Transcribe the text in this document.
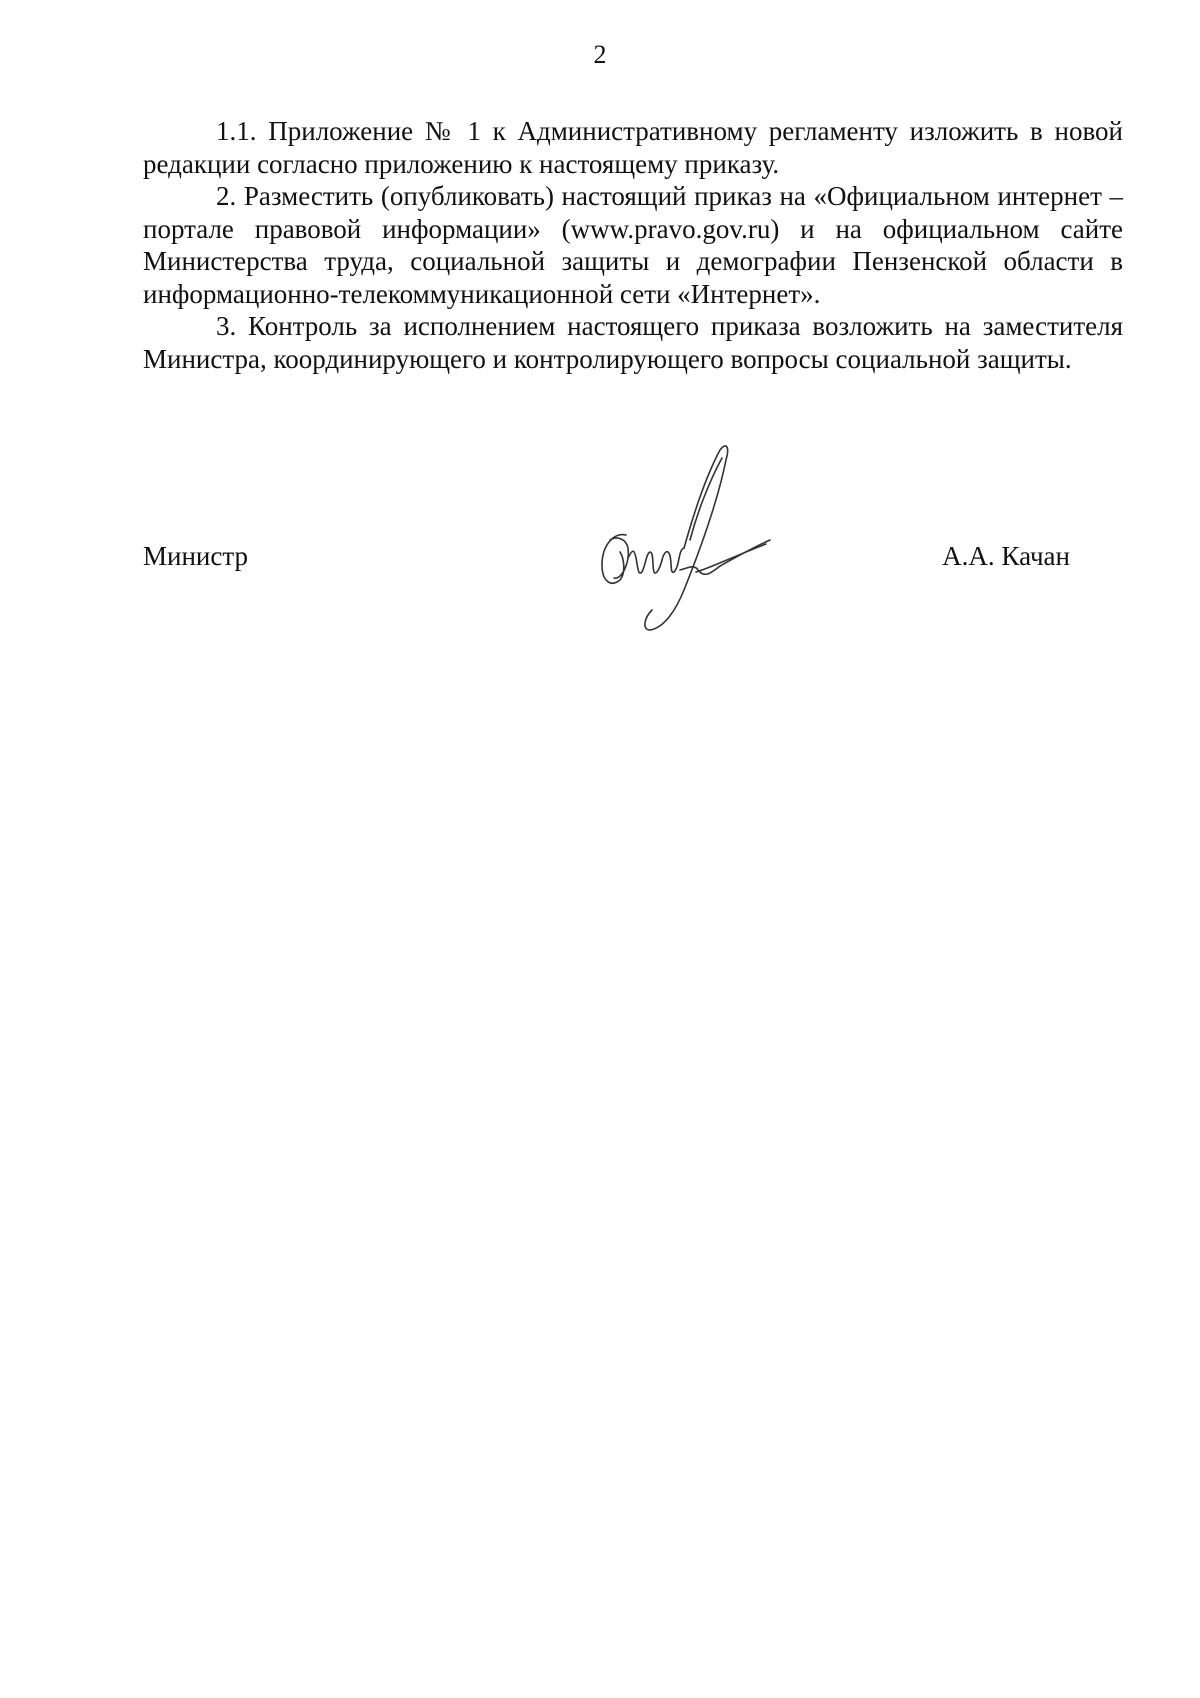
2

1.1. Приложение № 1 к Административному регламенту изложить в новой редакции согласно приложению к настоящему приказу.

2. Разместить (опубликовать) настоящий приказ на «Официальном интернет – портале правовой информации» (www.pravo.gov.ru) и на официальном сайте Министерства труда, социальной защиты и демографии Пензенской области в информационно-телекоммуникационной сети «Интернет».

3. Контроль за исполнением настоящего приказа возложить на заместителя Министра, координирующего и контролирующего вопросы социальной защиты.

Министр	А.А. Качан
